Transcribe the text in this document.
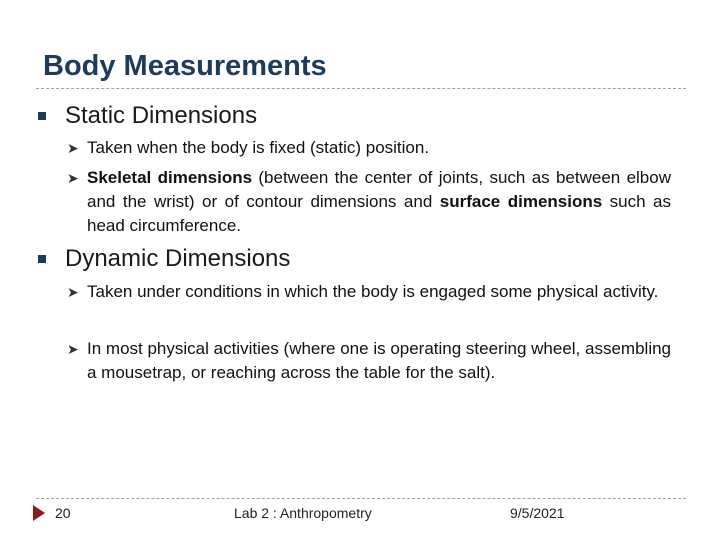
Body Measurements
Static Dimensions
➤ Taken when the body is fixed (static) position.
➤ Skeletal dimensions (between the center of joints, such as between elbow and the wrist) or of contour dimensions and surface dimensions such as head circumference.
Dynamic Dimensions
➤ Taken under conditions in which the body is engaged some physical activity.
➤ In most physical activities (where one is operating steering wheel, assembling a mousetrap, or reaching across the table for the salt).
20	Lab 2 : Anthropometry	9/5/2021
